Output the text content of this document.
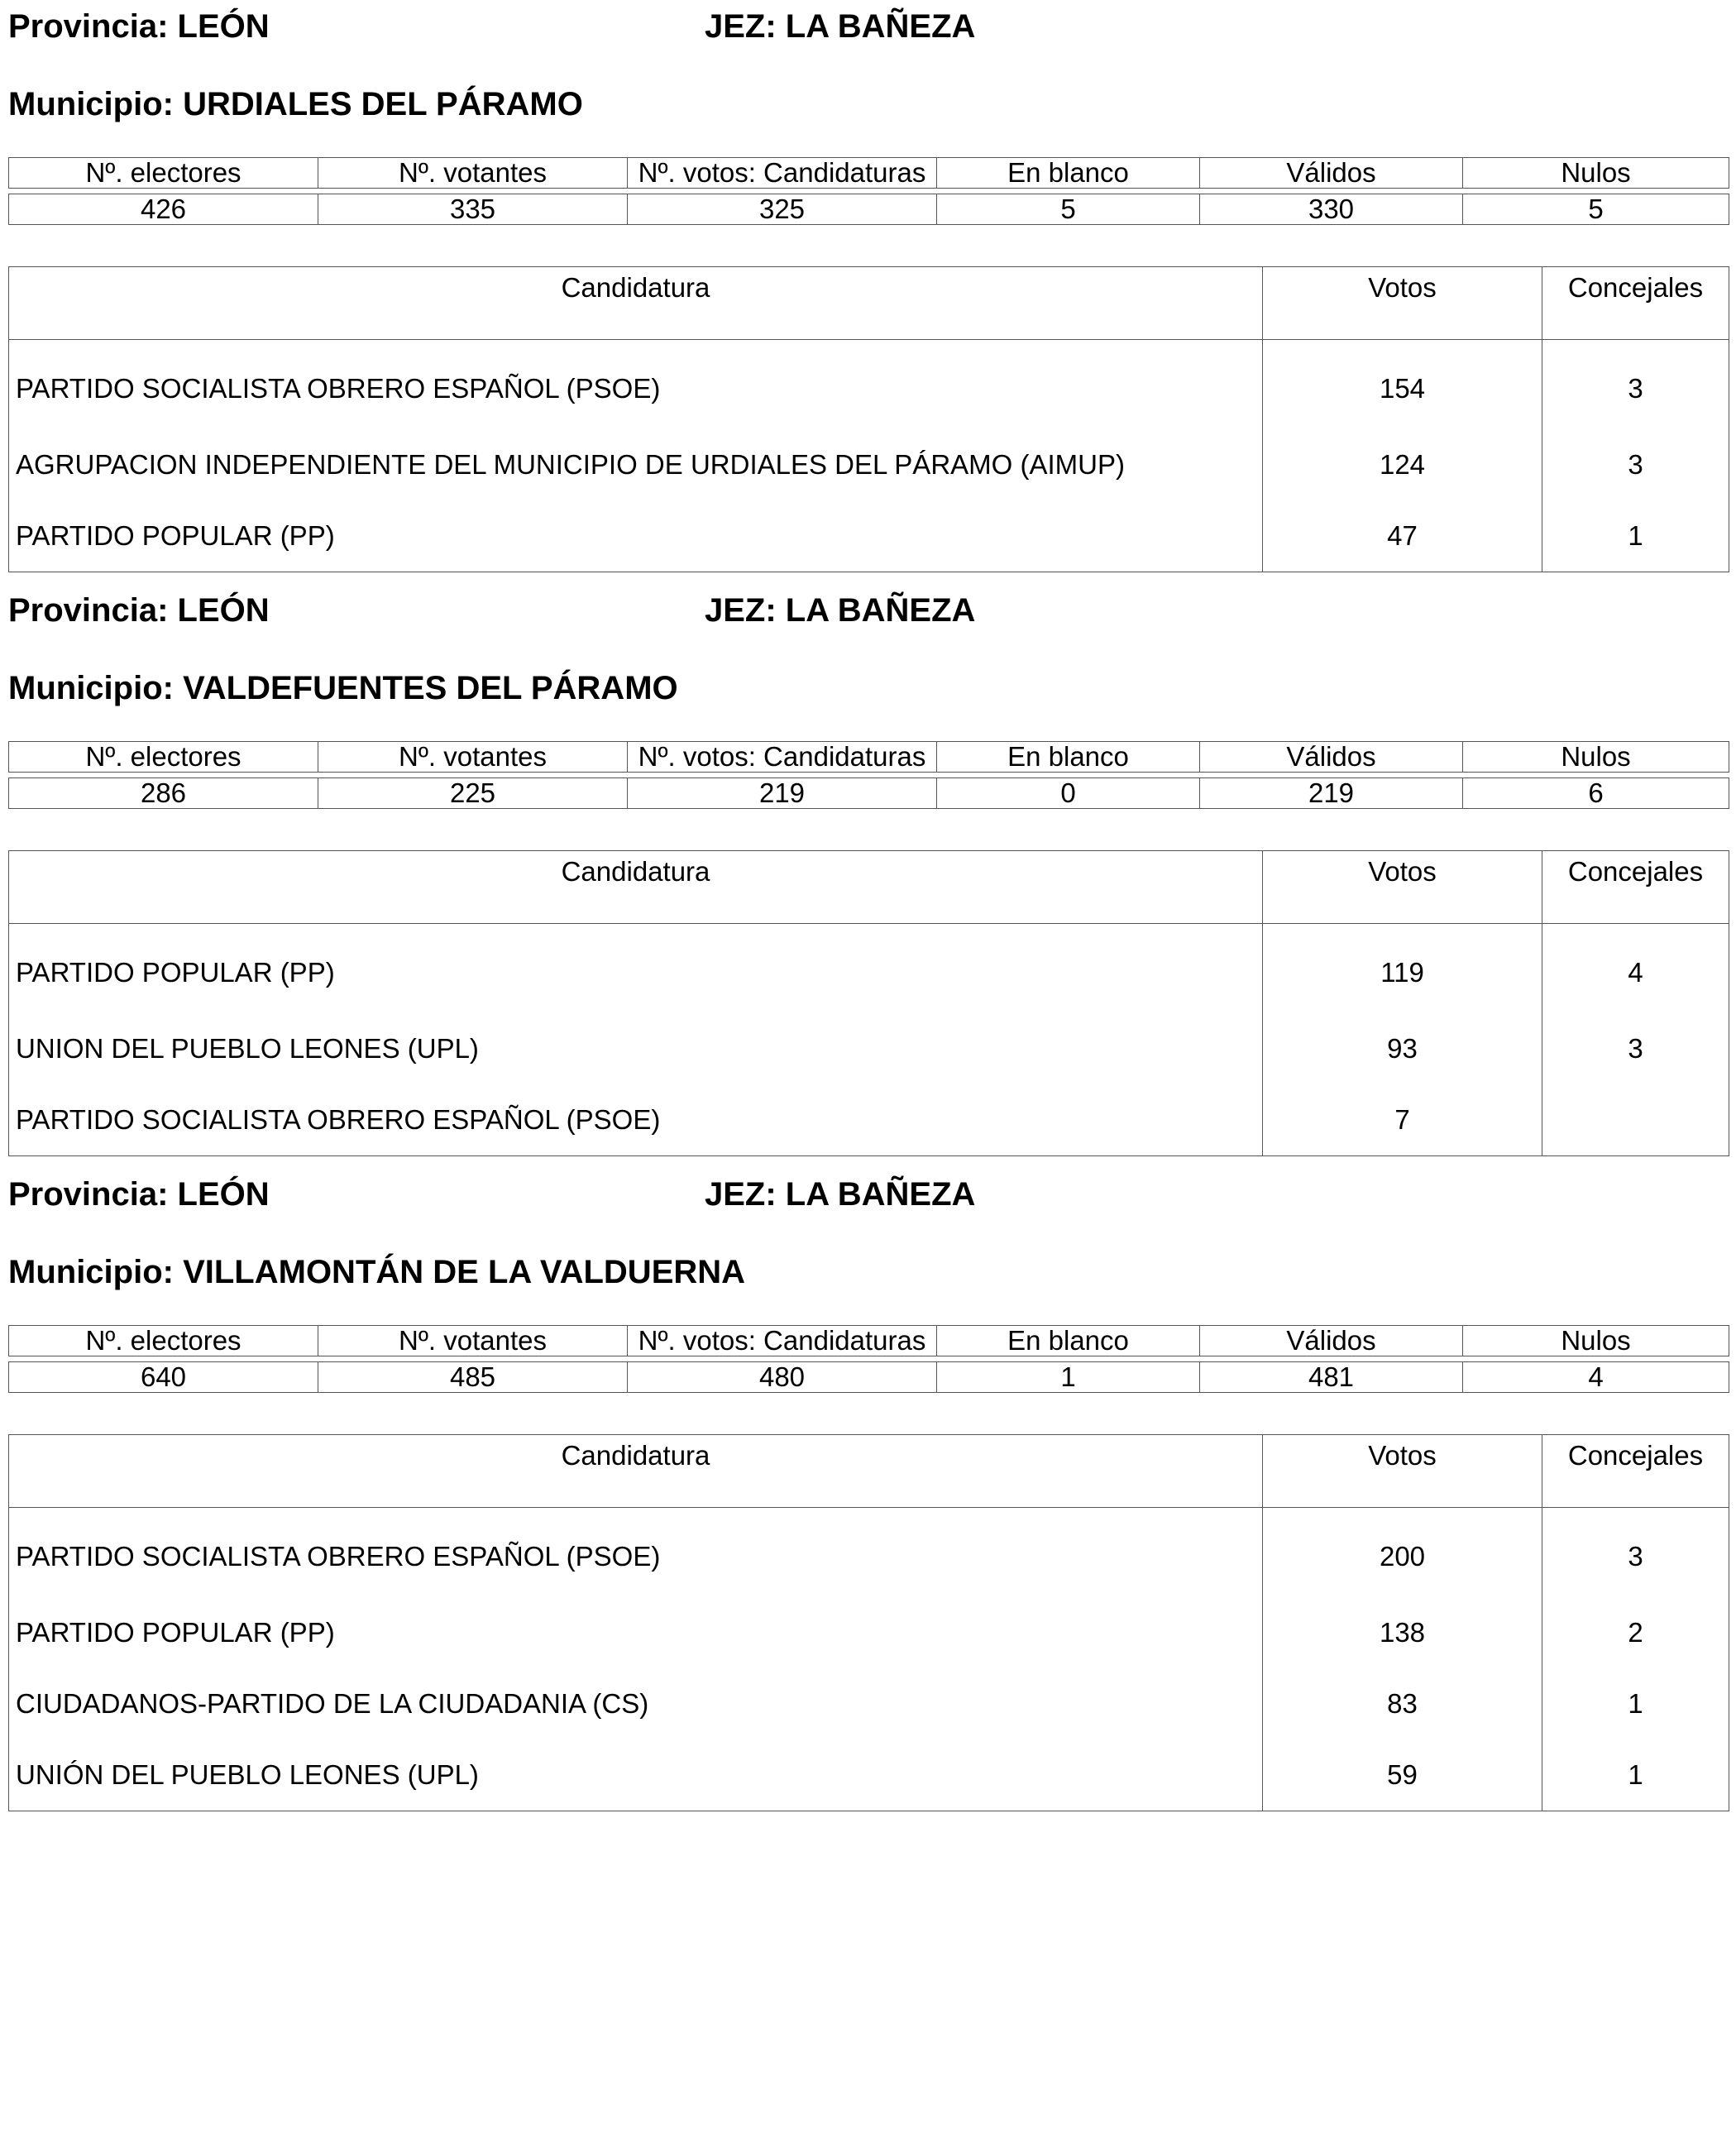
Provincia: LEÓN	JEZ: LA BAÑEZA
Municipio: URDIALES DEL PÁRAMO
Nº. electores	Nº. votantes	Nº. votos: Candidaturas	En blanco	Válidos	Nulos

426	335	325	5	330	5
Candidatura	Votos	Concejales
PARTIDO SOCIALISTA OBRERO ESPAÑOL (PSOE)	154	3
AGRUPACION INDEPENDIENTE DEL MUNICIPIO DE URDIALES DEL PÁRAMO (AIMUP)	124	3
PARTIDO POPULAR (PP)	47	1
Provincia: LEÓN	JEZ: LA BAÑEZA
Municipio: VALDEFUENTES DEL PÁRAMO
Nº. electores	Nº. votantes	Nº. votos: Candidaturas	En blanco	Válidos	Nulos

286	225	219	0	219	6
Candidatura	Votos	Concejales
PARTIDO POPULAR (PP)	119	4
UNION DEL PUEBLO LEONES (UPL)	93	3
PARTIDO SOCIALISTA OBRERO ESPAÑOL (PSOE)	7	
Provincia: LEÓN	JEZ: LA BAÑEZA
Municipio: VILLAMONTÁN DE LA VALDUERNA
Nº. electores	Nº. votantes	Nº. votos: Candidaturas	En blanco	Válidos	Nulos

640	485	480	1	481	4
Candidatura	Votos	Concejales
PARTIDO SOCIALISTA OBRERO ESPAÑOL (PSOE)	200	3
PARTIDO POPULAR (PP)	138	2
CIUDADANOS-PARTIDO DE LA CIUDADANIA (CS)	83	1
UNIÓN DEL PUEBLO LEONES (UPL)	59	1
